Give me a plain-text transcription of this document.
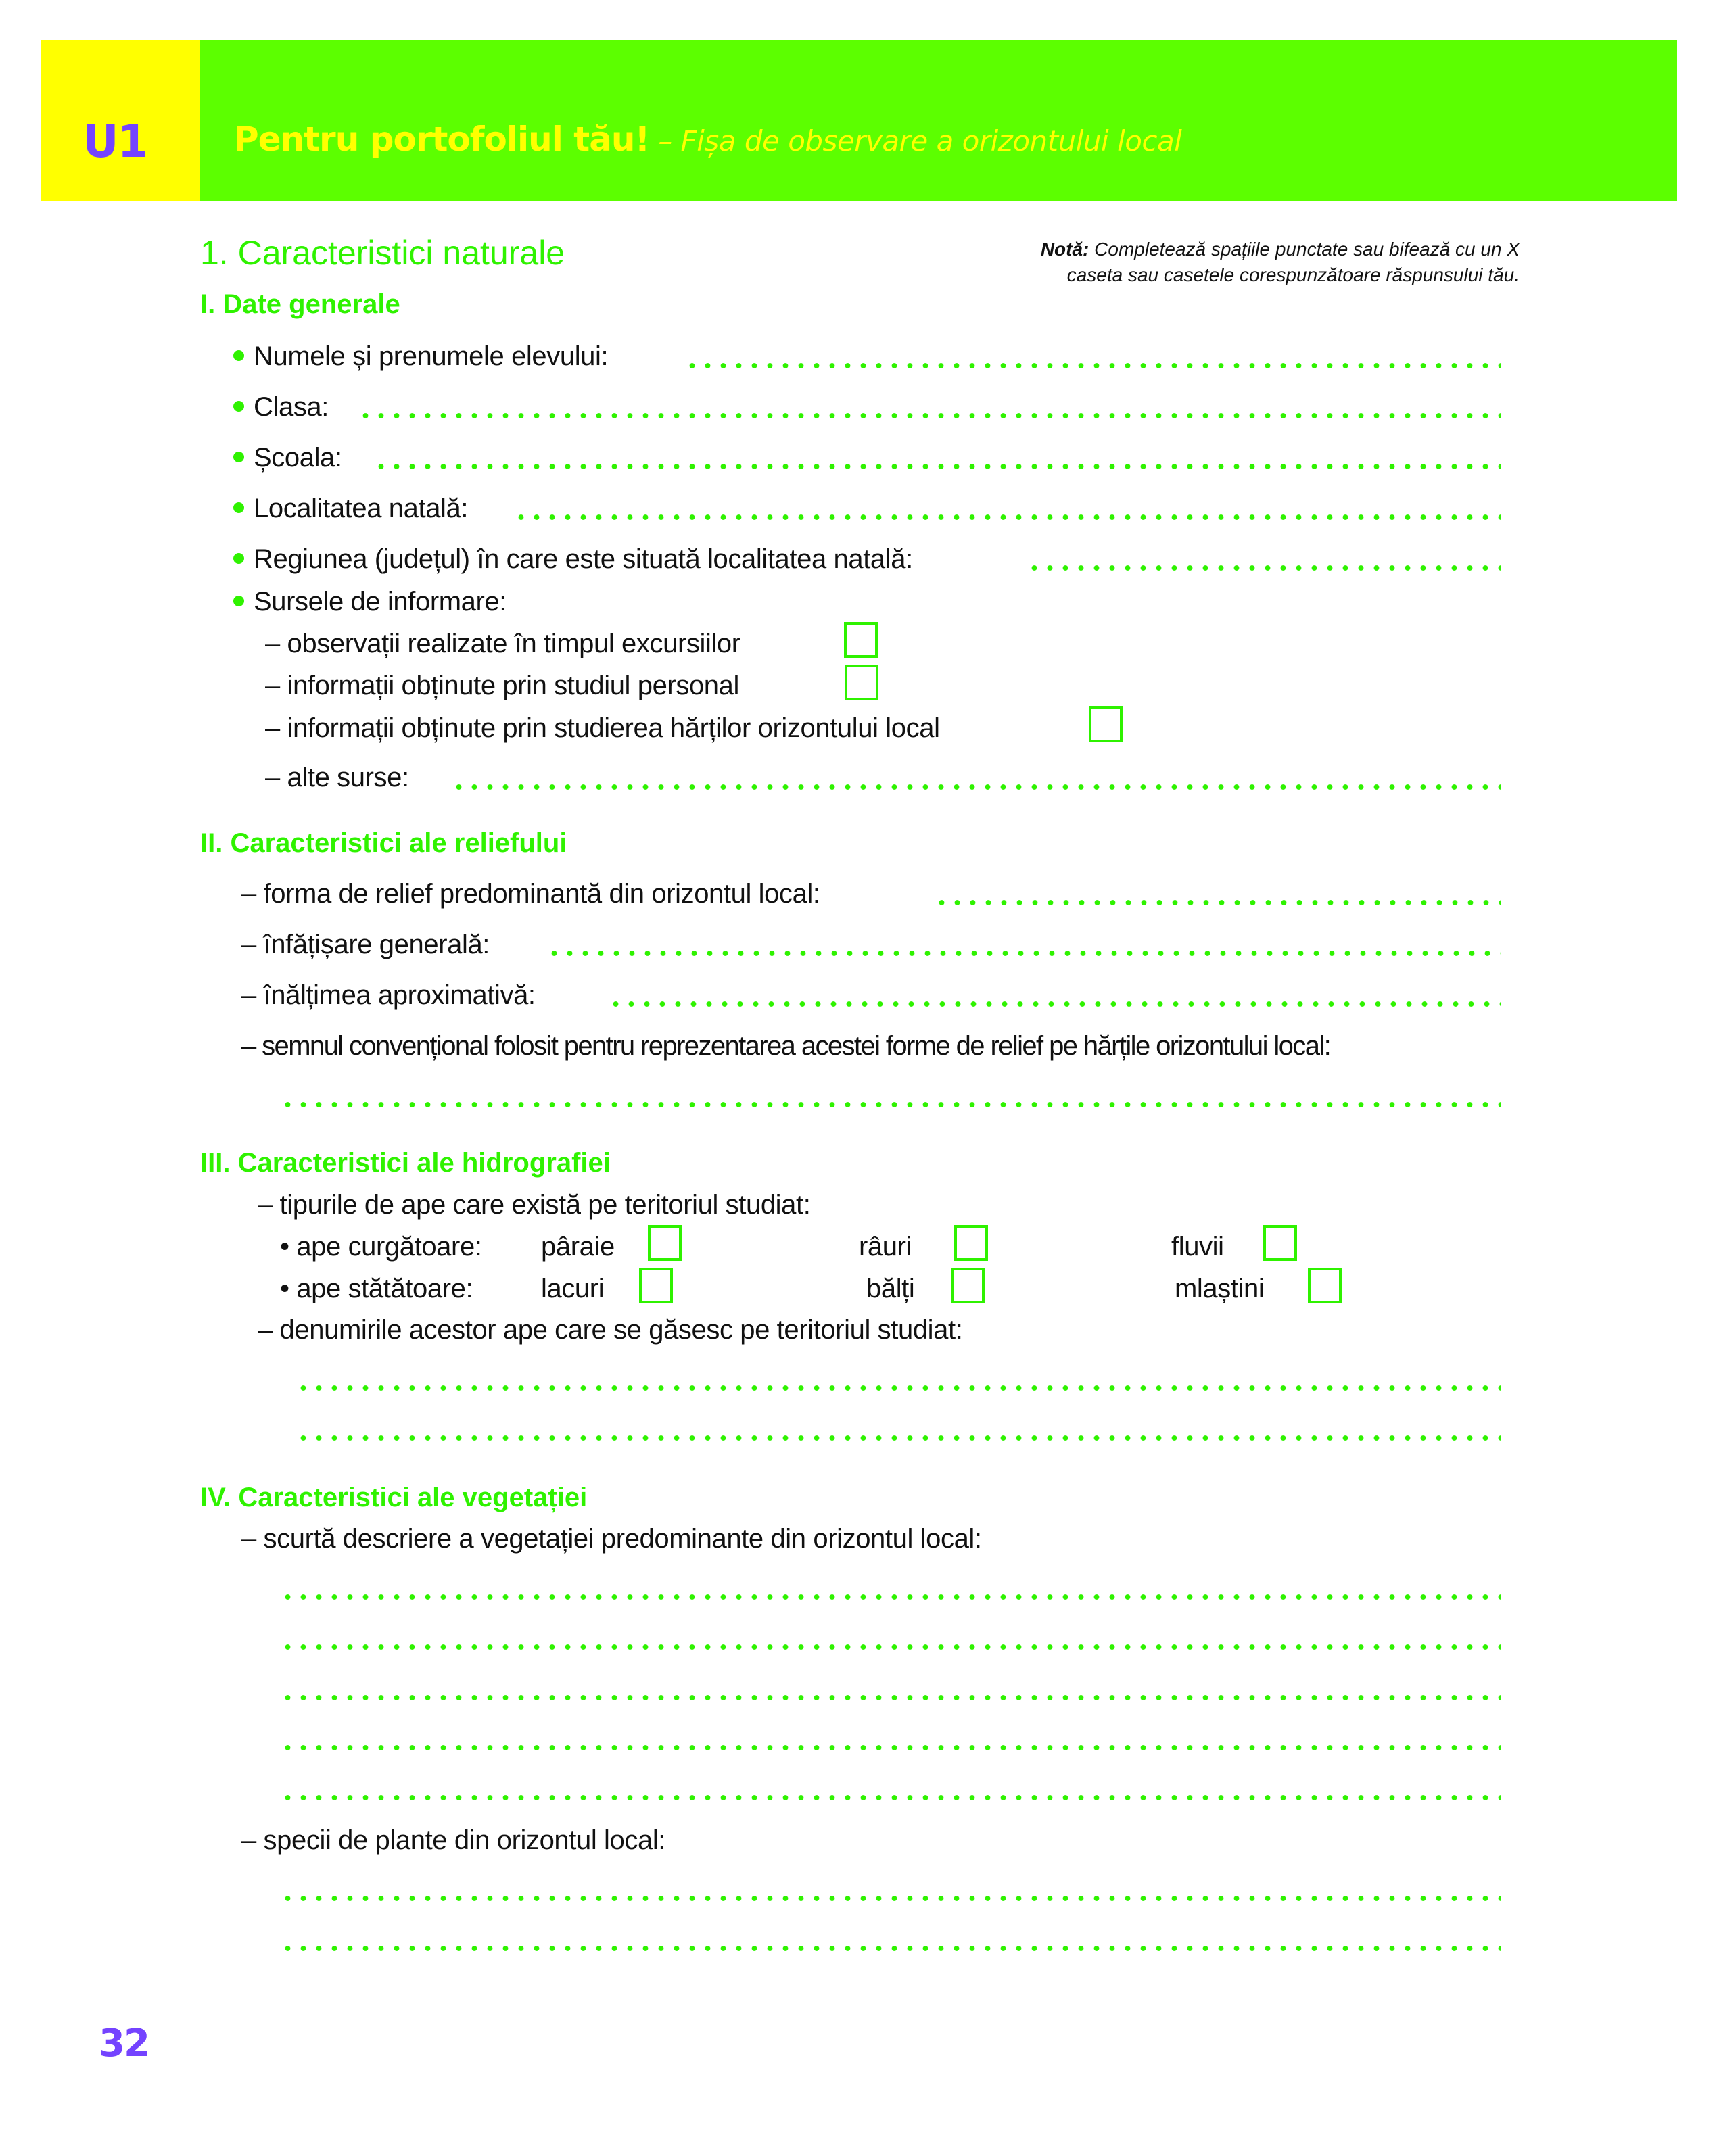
U1	Pentru portofoliul tău! – Fișa de observare a orizontului local
1. Caracteristici naturale	Notă: Completează spațiile punctate sau bifează cu un X
caseta sau casetele corespunzătoare răspunsului tău.
I. Date generale
Numele și prenumele elevului:
Clasa:
Școala:
Localitatea natală:
Regiunea (județul) în care este situată localitatea natală:
Sursele de informare:
– observații realizate în timpul excursiilor
– informații obținute prin studiul personal
– informații obținute prin studierea hărților orizontului local
– alte surse:
II. Caracteristici ale reliefului
– forma de relief predominantă din orizontul local:
– înfățișare generală:
– înălțimea aproximativă:
– semnul convențional folosit pentru reprezentarea acestei forme de relief pe hărțile orizontului local:
III. Caracteristici ale hidrografiei
– tipurile de ape care există pe teritoriul studiat:
• ape curgătoare: pâraie	râuri	fluvii
• ape stătătoare:	lacuri	bălți	mlaștini
– denumirile acestor ape care se găsesc pe teritoriul studiat:
IV. Caracteristici ale vegetației
– scurtă descriere a vegetației predominante din orizontul local:
– specii de plante din orizontul local:
32
